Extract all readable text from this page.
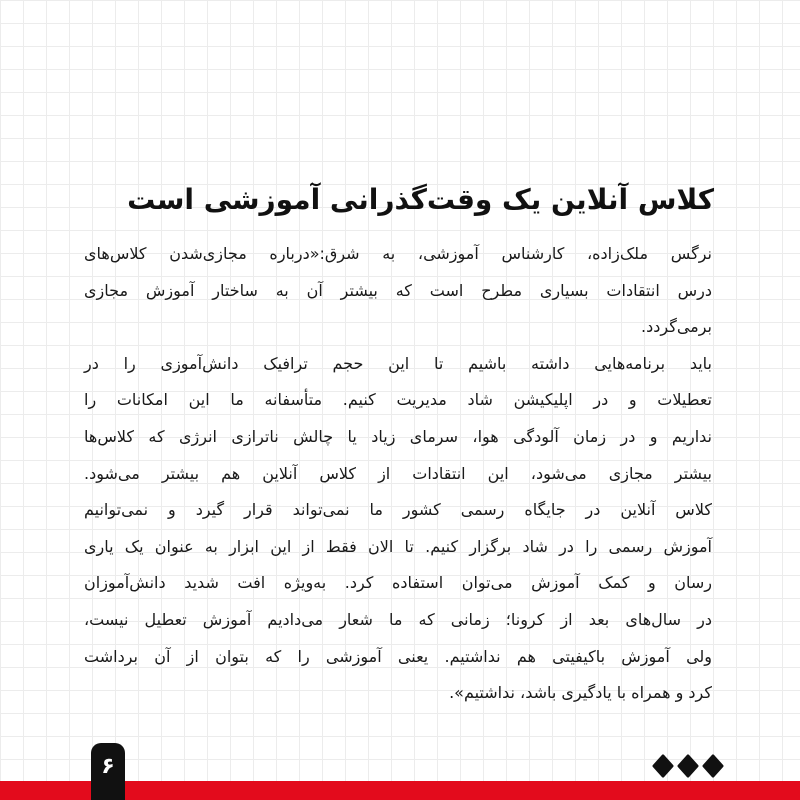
کلاس آنلاین یک وقت‌گذرانی آموزشی است
نرگس ملک‌زاده، کارشناس آموزشی، به شرق:«درباره مجازی‌شدن کلاس‌های
درس انتقادات بسیاری مطرح است که بیشتر آن به ساختار آموزش مجازی
برمی‌گردد.
باید برنامه‌هایی داشته باشیم تا این حجم ترافیک دانش‌آموزی را در
تعطیلات و در اپلیکیشن شاد مدیریت کنیم. متأسفانه ما این امکانات را
نداریم و در زمان آلودگی هوا، سرمای زیاد یا چالش ناترازی انرژی که کلاس‌ها
بیشتر مجازی می‌شود، این انتقادات از کلاس آنلاین هم بیشتر می‌شود.
کلاس آنلاین در جایگاه رسمی کشور ما نمی‌تواند قرار گیرد و نمی‌توانیم
آموزش رسمی را در شاد برگزار کنیم. تا الان فقط از این ابزار به عنوان یک یاری
رسان و کمک آموزش می‌توان استفاده کرد. به‌ویژه افت شدید دانش‌آموزان
در سال‌های بعد از کرونا؛ زمانی که ما شعار می‌دادیم آموزش تعطیل نیست،
ولی آموزش باکیفیتی هم نداشتیم. یعنی آموزشی را که بتوان از آن برداشت
کرد و همراه با یادگیری باشد، نداشتیم».
۶
